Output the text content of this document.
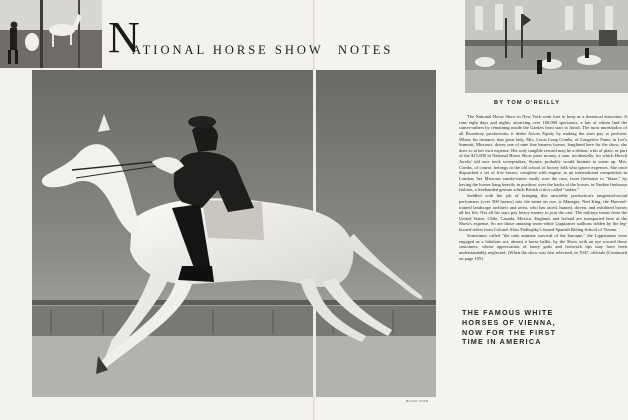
N
ATIONAL HORSE SHOW NOTES
BY TOM O'REILLY

The National Horse Show in New York went fore to keep as a theatrical attraction. It runs eight days and nights, attracting over 100,000 spectators, a fair of whom find the canter-rathers by remaining inside the Garden from start to finish. The most unorthodox of all Broadway productions, it dedes Actors Equity by making the stars pay to perform. When, for instance, that great lady, Mrs. Louis Long Combs, of Longview Farm, in Lee's Summit, Missouri, drives one of nine fine harness horses, longlined here for the show, she does so at her own expense. Her only tangible reward may be a ribbon, a bit of plate, or part of the $15,000 in National Horse Show prize money, a sum, incidentally, for which Hirsch Jacobs' old race track sweepstakes, Stymie, probably would hesitate to warm up. Mrs. Combs, of course, belongs to the old school of horsey folk who ignore expenses. She once dispatched a set of five horses, complete with engine, to an international competition in London; her Missouri smoke-eaters easily won the race, from firehouse to "blaze," by having the horses hang heavily in position, over the backs of the horses, in Yankee firehouse fashion, a freehanded gesture which British critics called "unfair."

Saddled with the job of bringing this unwieldy production's tangential-social performers (over 500 horses) into the arena on cue, is Manager, Ned King, the Harvard-trained landscape architect and artist, who has raced, hunted, driven, and exhibited horses all his life. Not all his stars pay heavy money to join the cast. The military teams from the United States, Chile, Canada, Mexico, England, and Ireland are transported here at the Show's expense. So are those amazing snow-white Lippizaner stallions ridden by the leg-booted riders from Colonel Alois Podhajsky's famed Spanish Riding School of Vienna.

Sometimes called "the only animate survival of the baroque," the Lippizaners were engaged as a fabulous act; almost a horse ballet, by the Show with an eye toward those customers, whose appreciation of fancy gaits and footwork tips may have been understandably neglected. (When the show was first televised, in 1947, officials (Continued on page 105)

THE FAMOUS WHITE
HORSES OF VIENNA,
NOW FOR THE FIRST
TIME IN AMERICA
BLACK STAR
